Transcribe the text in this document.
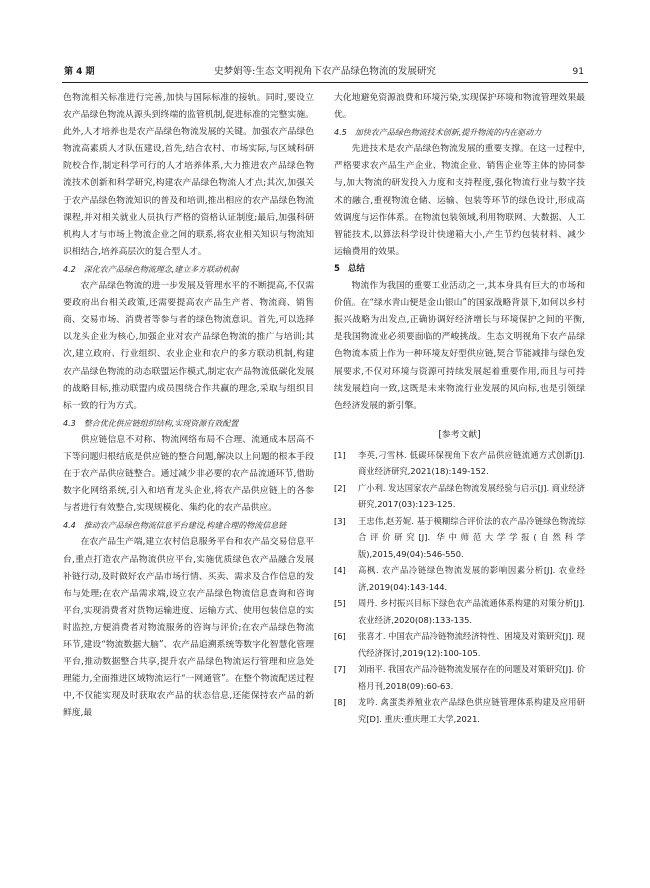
第 4 期	史梦娟等:生态文明视角下农产品绿色物流的发展研究	91

色物流相关标准进行完善,加快与国际标准的接轨。同时,要设立农产品绿色物流从源头到终端的监管机制,促进标准的完整实施。此外,人才培养也是农产品绿色物流发展的关键。加强农产品绿色物流高素质人才队伍建设,首先,结合农村、市场实际,与区域科研院校合作,制定科学可行的人才培养体系,大力推进农产品绿色物流技术创新和科学研究,构建农产品绿色物流人才点;其次,加强关于农产品绿色物流知识的普及和培训,推出相应的农产品绿色物流课程,并对相关就业人员执行严格的资格认证制度;最后,加强科研机构人才与市场上物流企业之间的联系,将农业相关知识与物流知识相结合,培养高层次的复合型人才。

4.2 深化农产品绿色物流理念,建立多方联动机制

农产品绿色物流的进一步发展及管理水平的不断提高,不仅需要政府出台相关政策,还需要提高农产品生产者、物流商、销售商、交易市场、消费者等参与者的绿色物流意识。首先,可以选择以龙头企业为核心,加强企业对农产品绿色物流的推广与培训;其次,建立政府、行业组织、农业企业和农户的多方联动机制,构建农产品绿色物流的动态联盟运作模式,制定农产品物流低碳化发展的战略目标,推动联盟内成员围绕合作共赢的理念,采取与组织目标一致的行为方式。

4.3 整合优化供应链组织结构,实现资源有效配置

供应链信息不对称、物流网络布局不合理、流通成本居高不下等问题归根结底是供应链的整合问题,解决以上问题的根本手段在于农产品供应链整合。通过减少非必要的农产品流通环节,借助数字化网络系统,引入和培育龙头企业,将农产品供应链上的各参与者进行有效整合,实现规模化、集约化的农产品供应。

4.4 推动农产品绿色物流信息平台建设,构建合理的物流信息链

在农产品生产端,建立农村信息服务平台和农产品交易信息平台,重点打造农产品物流供应平台,实施优质绿色农产品融合发展补链行动,及时做好农产品市场行情、买卖、需求及合作信息的发布与处理;在农产品需求端,设立农产品绿色物流信息查询和咨询平台,实现消费者对货物运输进度、运输方式、使用包装信息的实时监控,方便消费者对物流服务的咨询与评价;在农产品绿色物流环节,建设“物流数据大脑”、农产品追溯系统等数字化智慧化管理平台,推动数据整合共享,提升农产品绿色物流运行管理和应急处理能力,全面推进区域物流运行“一网通管”。在整个物流配送过程中,不仅能实现及时获取农产品的状态信息,还能保持农产品的新鲜度,最

大化地避免资源浪费和环境污染,实现保护环境和物流管理效果最优。

4.5 加快农产品绿色物流技术创新,提升物流的内在驱动力

先进技术是农产品绿色物流发展的重要支撑。在这一过程中,严格要求农产品生产企业、物流企业、销售企业等主体的协同参与,加大物流的研发投入力度和支持程度,强化物流行业与数字技术的融合,重视物流仓储、运输、包装等环节的绿色设计,形成高效调度与运作体系。在物流包装领域,利用物联网、大数据、人工智能技术,以算法科学设计快递箱大小,产生节约包装材料、减少运输费用的效果。

5 总结

物流作为我国的重要工业活动之一,其本身具有巨大的市场和价值。在“绿水青山便是金山银山”的国家战略背景下,如何以乡村振兴战略为出发点,正确协调好经济增长与环境保护之间的平衡,是我国物流业必须要面临的严峻挑战。生态文明视角下农产品绿色物流本质上作为一种环境友好型供应链,契合节能减排与绿色发展要求,不仅对环境与资源可持续发展起着重要作用,而且与可持续发展趋向一致,这既是未来物流行业发展的风向标,也是引领绿色经济发展的新引擎。

[参考文献]
[1]	李英,刁雪林. 低碳环保视角下农产品供应链流通方式创新[J]. 商业经济研究,2021(18):149-152.
[2]	广小利. 发达国家农产品绿色物流发展经验与启示[J]. 商业经济研究,2017(03):123-125.
[3]	王忠伟,赵芳妮. 基于模糊综合评价法的农产品冷链绿色物流综合评价研究[J]. 华中师范大学学报(自然科学版),2015,49(04):546-550.
[4]	高枫. 农产品冷链绿色物流发展的影响因素分析[J]. 农业经济,2019(04):143-144.
[5]	周丹. 乡村振兴目标下绿色农产品流通体系构建的对策分析[J]. 农业经济,2020(08):133-135.
[6]	张喜才. 中国农产品冷链物流经济特性、困境及对策研究[J]. 现代经济探讨,2019(12):100-105.
[7]	刘雨平. 我国农产品冷链物流发展存在的问题及对策研究[J]. 价格月刊,2018(09):60-63.
[8]	龙吟. 禽蛋类养殖业农产品绿色供应链管理体系构建及应用研究[D]. 重庆:重庆理工大学,2021.
